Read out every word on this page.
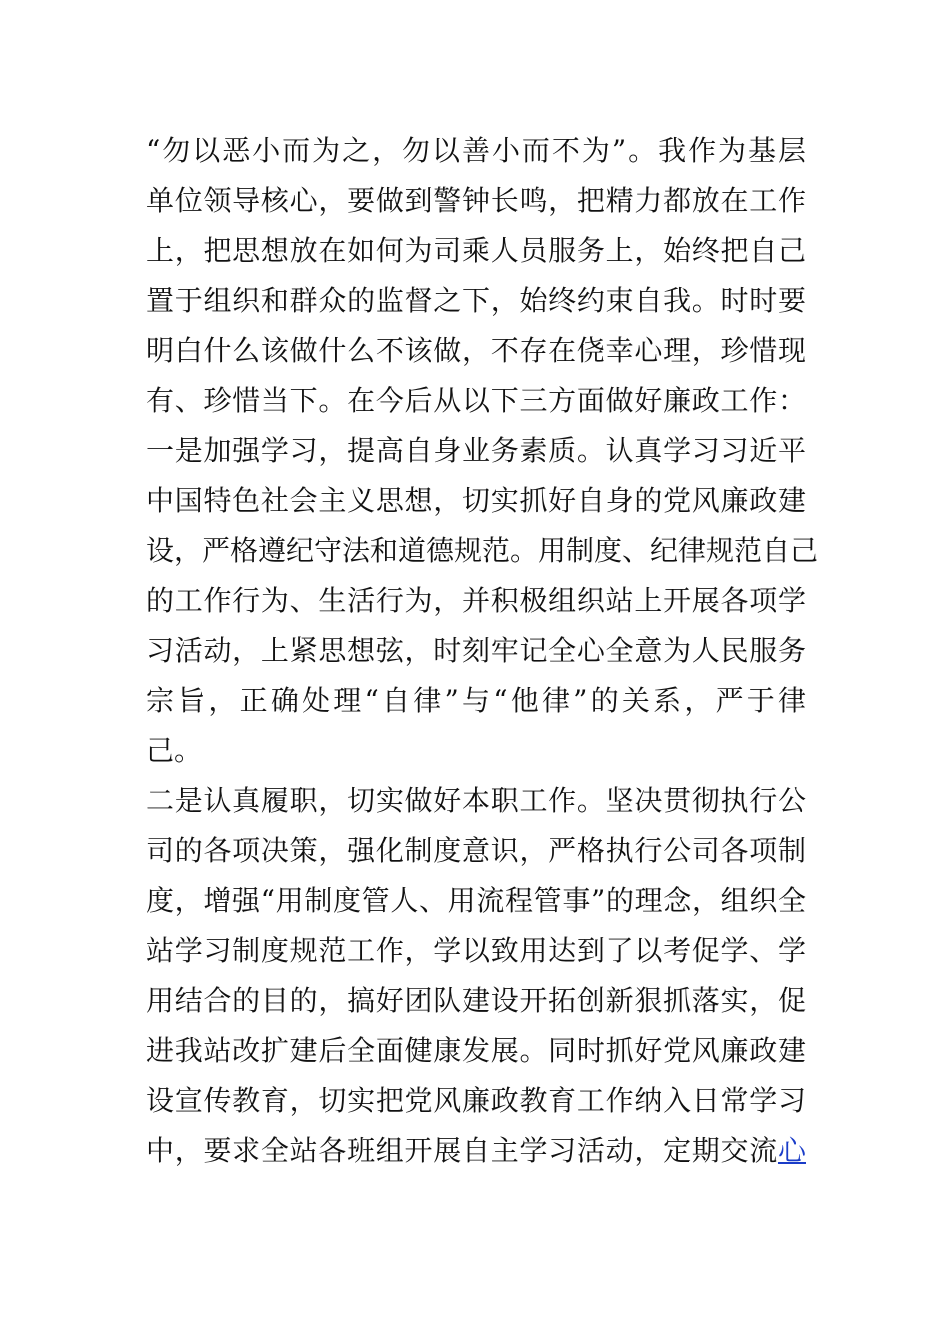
“勿以恶小而为之，勿以善小而不为”。我作为基层
单位领导核心，要做到警钟长鸣，把精力都放在工作
上，把思想放在如何为司乘人员服务上，始终把自己
置于组织和群众的监督之下，始终约束自我。时时要
明白什么该做什么不该做，不存在侥幸心理，珍惜现
有、珍惜当下。在今后从以下三方面做好廉政工作：
一是加强学习，提高自身业务素质。认真学习习近平
中国特色社会主义思想，切实抓好自身的党风廉政建
设，严格遵纪守法和道德规范。用制度、纪律规范自己
的工作行为、生活行为，并积极组织站上开展各项学
习活动，上紧思想弦，时刻牢记全心全意为人民服务
宗旨，正确处理“自律”与“他律”的关系，严于律
己。
二是认真履职，切实做好本职工作。坚决贯彻执行公
司的各项决策，强化制度意识，严格执行公司各项制
度，增强“用制度管人、用流程管事”的理念，组织全
站学习制度规范工作，学以致用达到了以考促学、学
用结合的目的，搞好团队建设开拓创新狠抓落实，促
进我站改扩建后全面健康发展。同时抓好党风廉政建
设宣传教育，切实把党风廉政教育工作纳入日常学习
中，要求全站各班组开展自主学习活动，定期交流心
